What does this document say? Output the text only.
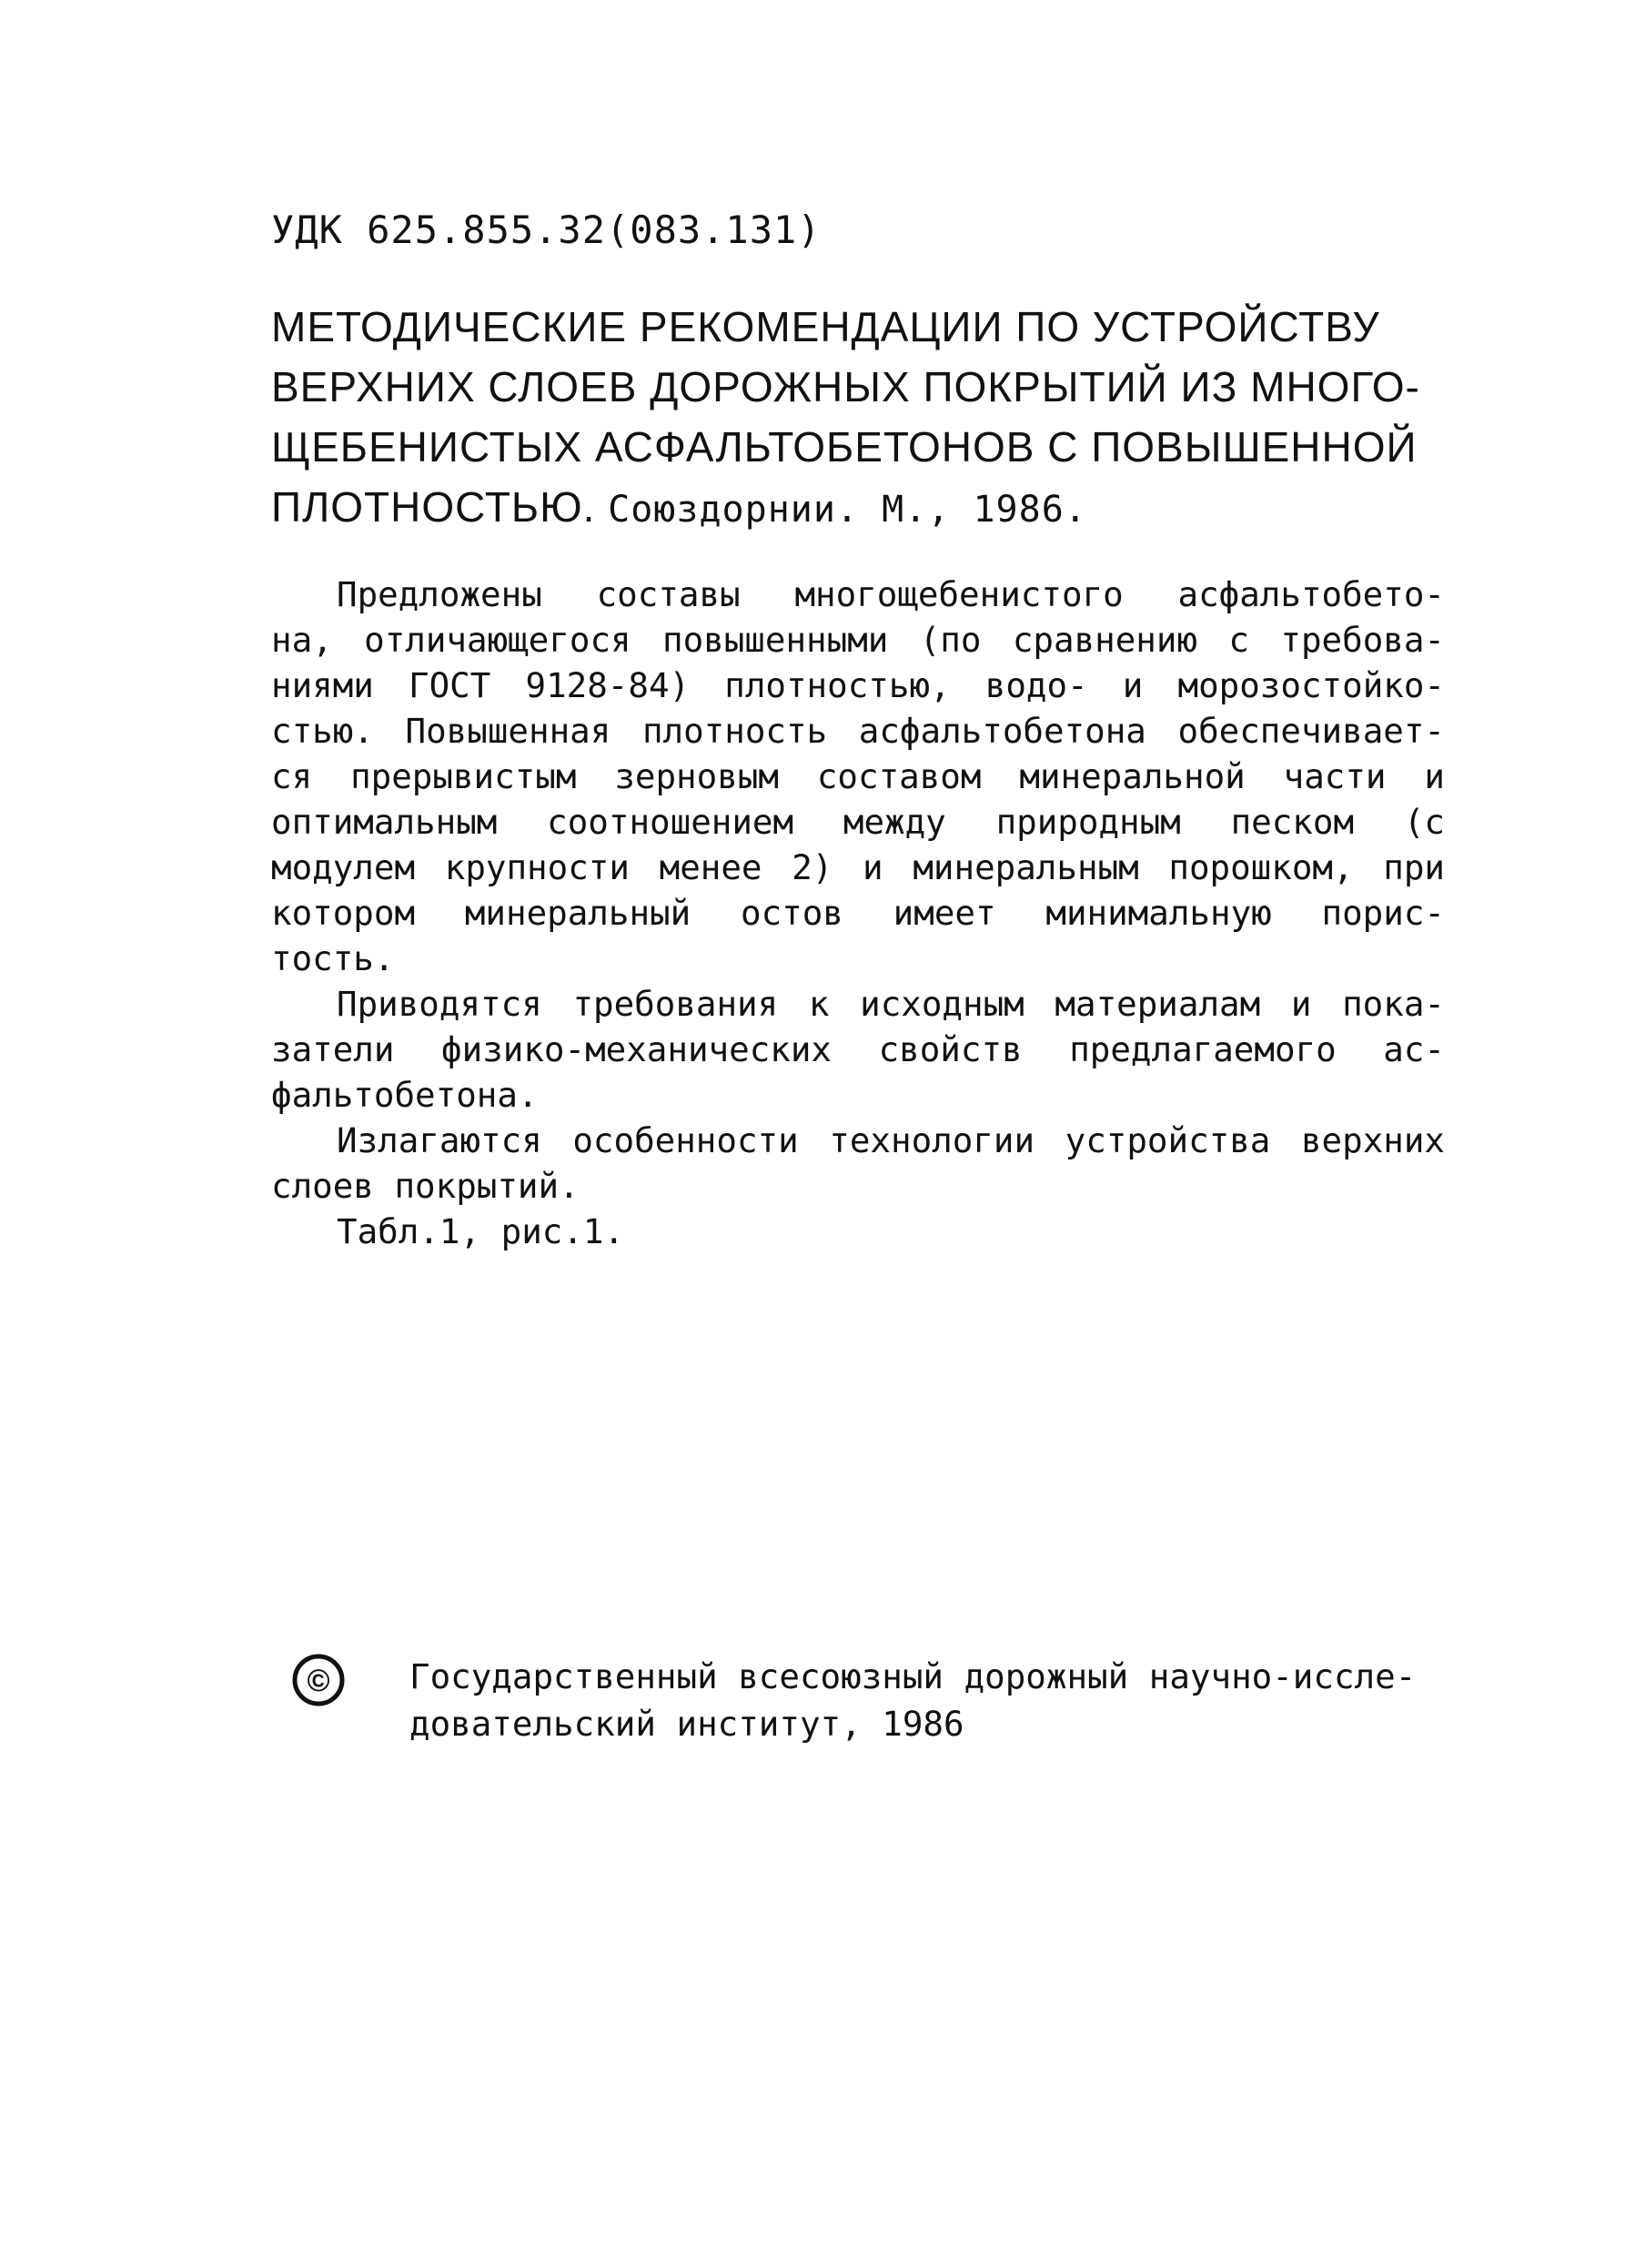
УДК 625.855.32(083.131)
МЕТОДИЧЕСКИЕ РЕКОМЕНДАЦИИ ПО УСТРОЙСТВУ
ВЕРХНИХ СЛОЕВ ДОРОЖНЫХ ПОКРЫТИЙ ИЗ МНОГО-
ЩЕБЕНИСТЫХ АСФАЛЬТОБЕТОНОВ С ПОВЫШЕННОЙ
ПЛОТНОСТЬЮ. Союздорнии. М., 1986.
Предложены составы многощебенистого асфальтобето-
на, отличающегося повышенными (по сравнению с требова-
ниями ГОСТ 9128-84) плотностью, водо- и морозостойко-
стью. Повышенная плотность асфальтобетона обеспечивает-
ся прерывистым зерновым составом минеральной части и
оптимальным соотношением между природным песком (с
модулем крупности менее 2) и минеральным порошком, при
котором минеральный остов имеет минимальную порис-
тость.
Приводятся требования к исходным материалам и пока-
затели физико-механических свойств предлагаемого ас-
фальтобетона.
Излагаются особенности технологии устройства верхних
слоев покрытий.
Табл.1, рис.1.
© Государственный всесоюзный дорожный научно-иссле-
довательский институт, 1986
